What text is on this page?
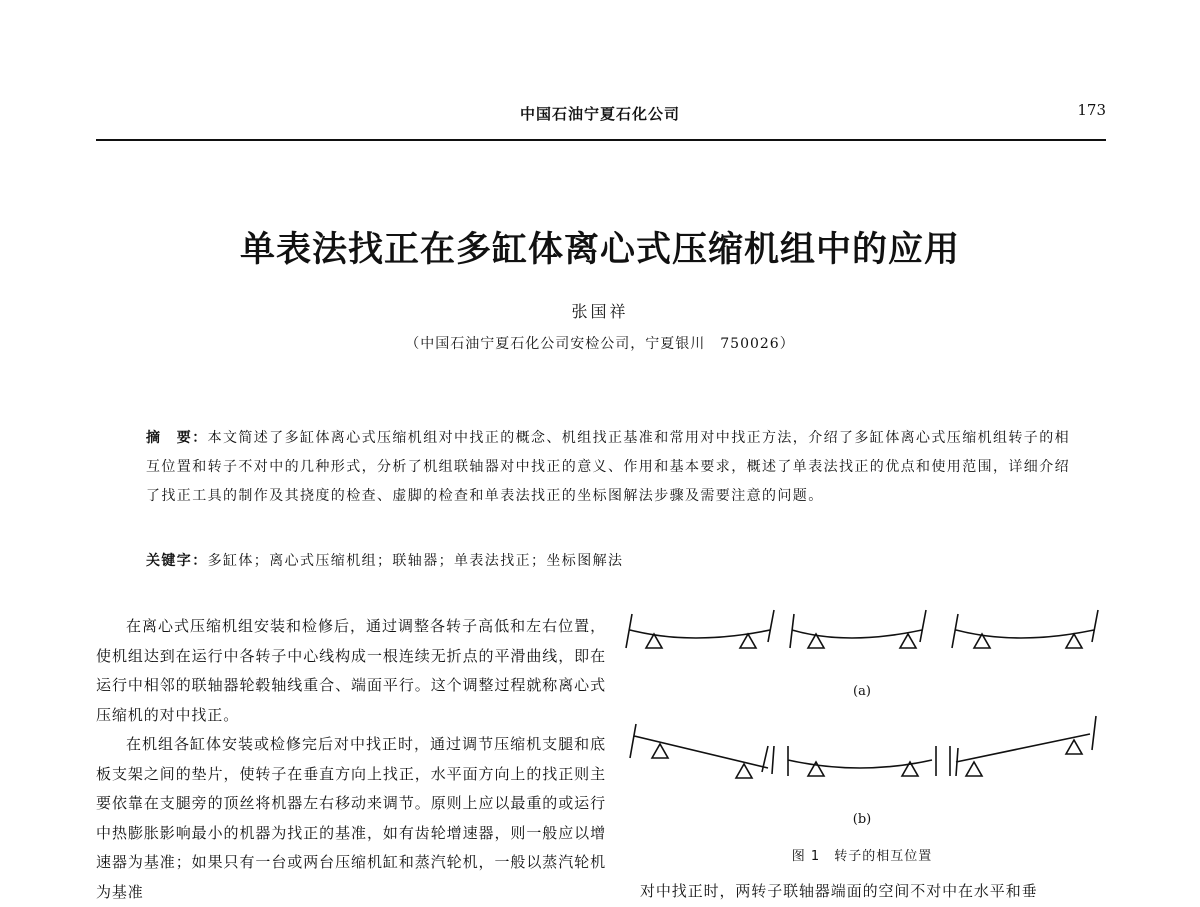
中国石油宁夏石化公司	173
单表法找正在多缸体离心式压缩机组中的应用
张国祥
（中国石油宁夏石化公司安检公司，宁夏银川　750026）
摘　要：本文简述了多缸体离心式压缩机组对中找正的概念、机组找正基准和常用对中找正方法，介绍了多缸体离心式压缩机组转子的相互位置和转子不对中的几种形式，分析了机组联轴器对中找正的意义、作用和基本要求，概述了单表法找正的优点和使用范围，详细介绍了找正工具的制作及其挠度的检查、虚脚的检查和单表法找正的坐标图解法步骤及需要注意的问题。
关键字：多缸体；离心式压缩机组；联轴器；单表法找正；坐标图解法

在离心式压缩机组安装和检修后，通过调整各转子高低和左右位置，使机组达到在运行中各转子中心线构成一根连续无折点的平滑曲线，即在运行中相邻的联轴器轮毂轴线重合、端面平行。这个调整过程就称离心式压缩机的对中找正。

在机组各缸体安装或检修完后对中找正时，通过调节压缩机支腿和底板支架之间的垫片，使转子在垂直方向上找正，水平面方向上的找正则主要依靠在支腿旁的顶丝将机器左右移动来调节。原则上应以最重的或运行中热膨胀影响最小的机器为找正的基准，如有齿轮增速器，则一般应以增速器为基准；如果只有一台或两台压缩机缸和蒸汽轮机，一般以蒸汽轮机为基准

(a)
(b)
图 1　转子的相互位置
对中找正时，两转子联轴器端面的空间不对中在水平和垂
